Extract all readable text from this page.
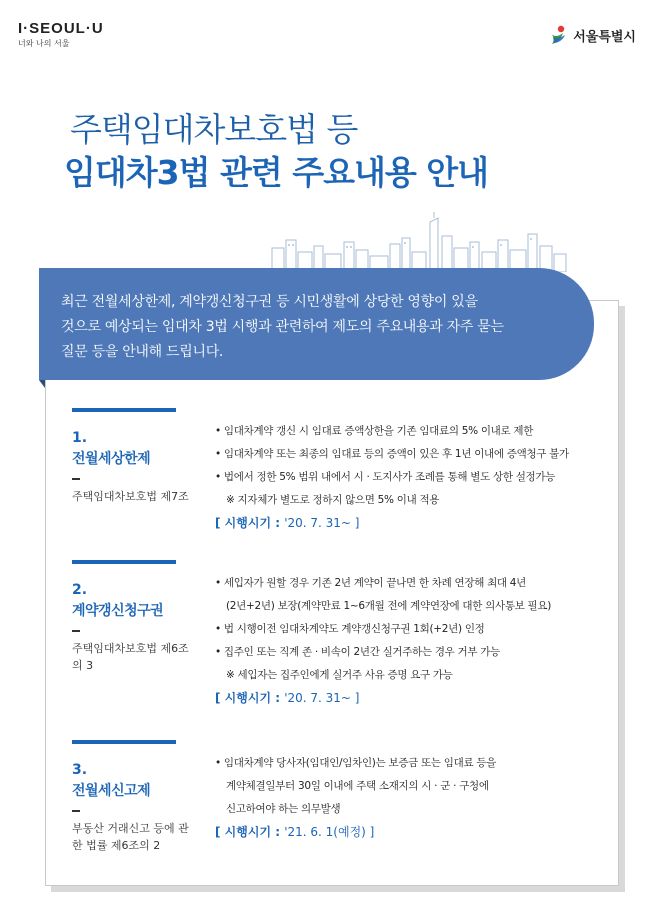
I·SEOUL·U
너와 나의 서울	서울특별시
주택임대차보호법 등
임대차3법 관련 주요내용 안내

최근 전월세상한제, 계약갱신청구권 등 시민생활에 상당한 영향이 있을
것으로 예상되는 임대차 3법 시행과 관련하여 제도의 주요내용과 자주 묻는
질문 등을 안내해 드립니다.

1.
전월세상한제
주택임대차보호법 제7조
• 임대차계약 갱신 시 임대료 증액상한을 기존 임대료의 5% 이내로 제한
• 임대차계약 또는 최종의 임대료 등의 증액이 있은 후 1년 이내에 증액청구 불가
• 법에서 정한 5% 범위 내에서 시 · 도지사가 조례를 통해 별도 상한 설정가능
※ 지자체가 별도로 정하지 않으면 5% 이내 적용
[ 시행시기 : '20. 7. 31~ ]
2.
계약갱신청구권
주택임대차보호법 제6조의 3
• 세입자가 원할 경우 기존 2년 계약이 끝나면 한 차례 연장해 최대 4년
(2년+2년) 보장(계약만료 1~6개월 전에 계약연장에 대한 의사통보 필요)
• 법 시행이전 임대차계약도 계약갱신청구권 1회(+2년) 인정
• 집주인 또는 직계 존 · 비속이 2년간 실거주하는 경우 거부 가능
※ 세입자는 집주인에게 실거주 사유 증명 요구 가능
[ 시행시기 : '20. 7. 31~ ]
3.
전월세신고제
부동산 거래신고 등에 관한 법률 제6조의 2
• 임대차계약 당사자(임대인/임차인)는 보증금 또는 임대료 등을
계약체결일부터 30일 이내에 주택 소재지의 시 · 군 · 구청에
신고하여야 하는 의무발생
[ 시행시기 : '21. 6. 1(예정) ]
